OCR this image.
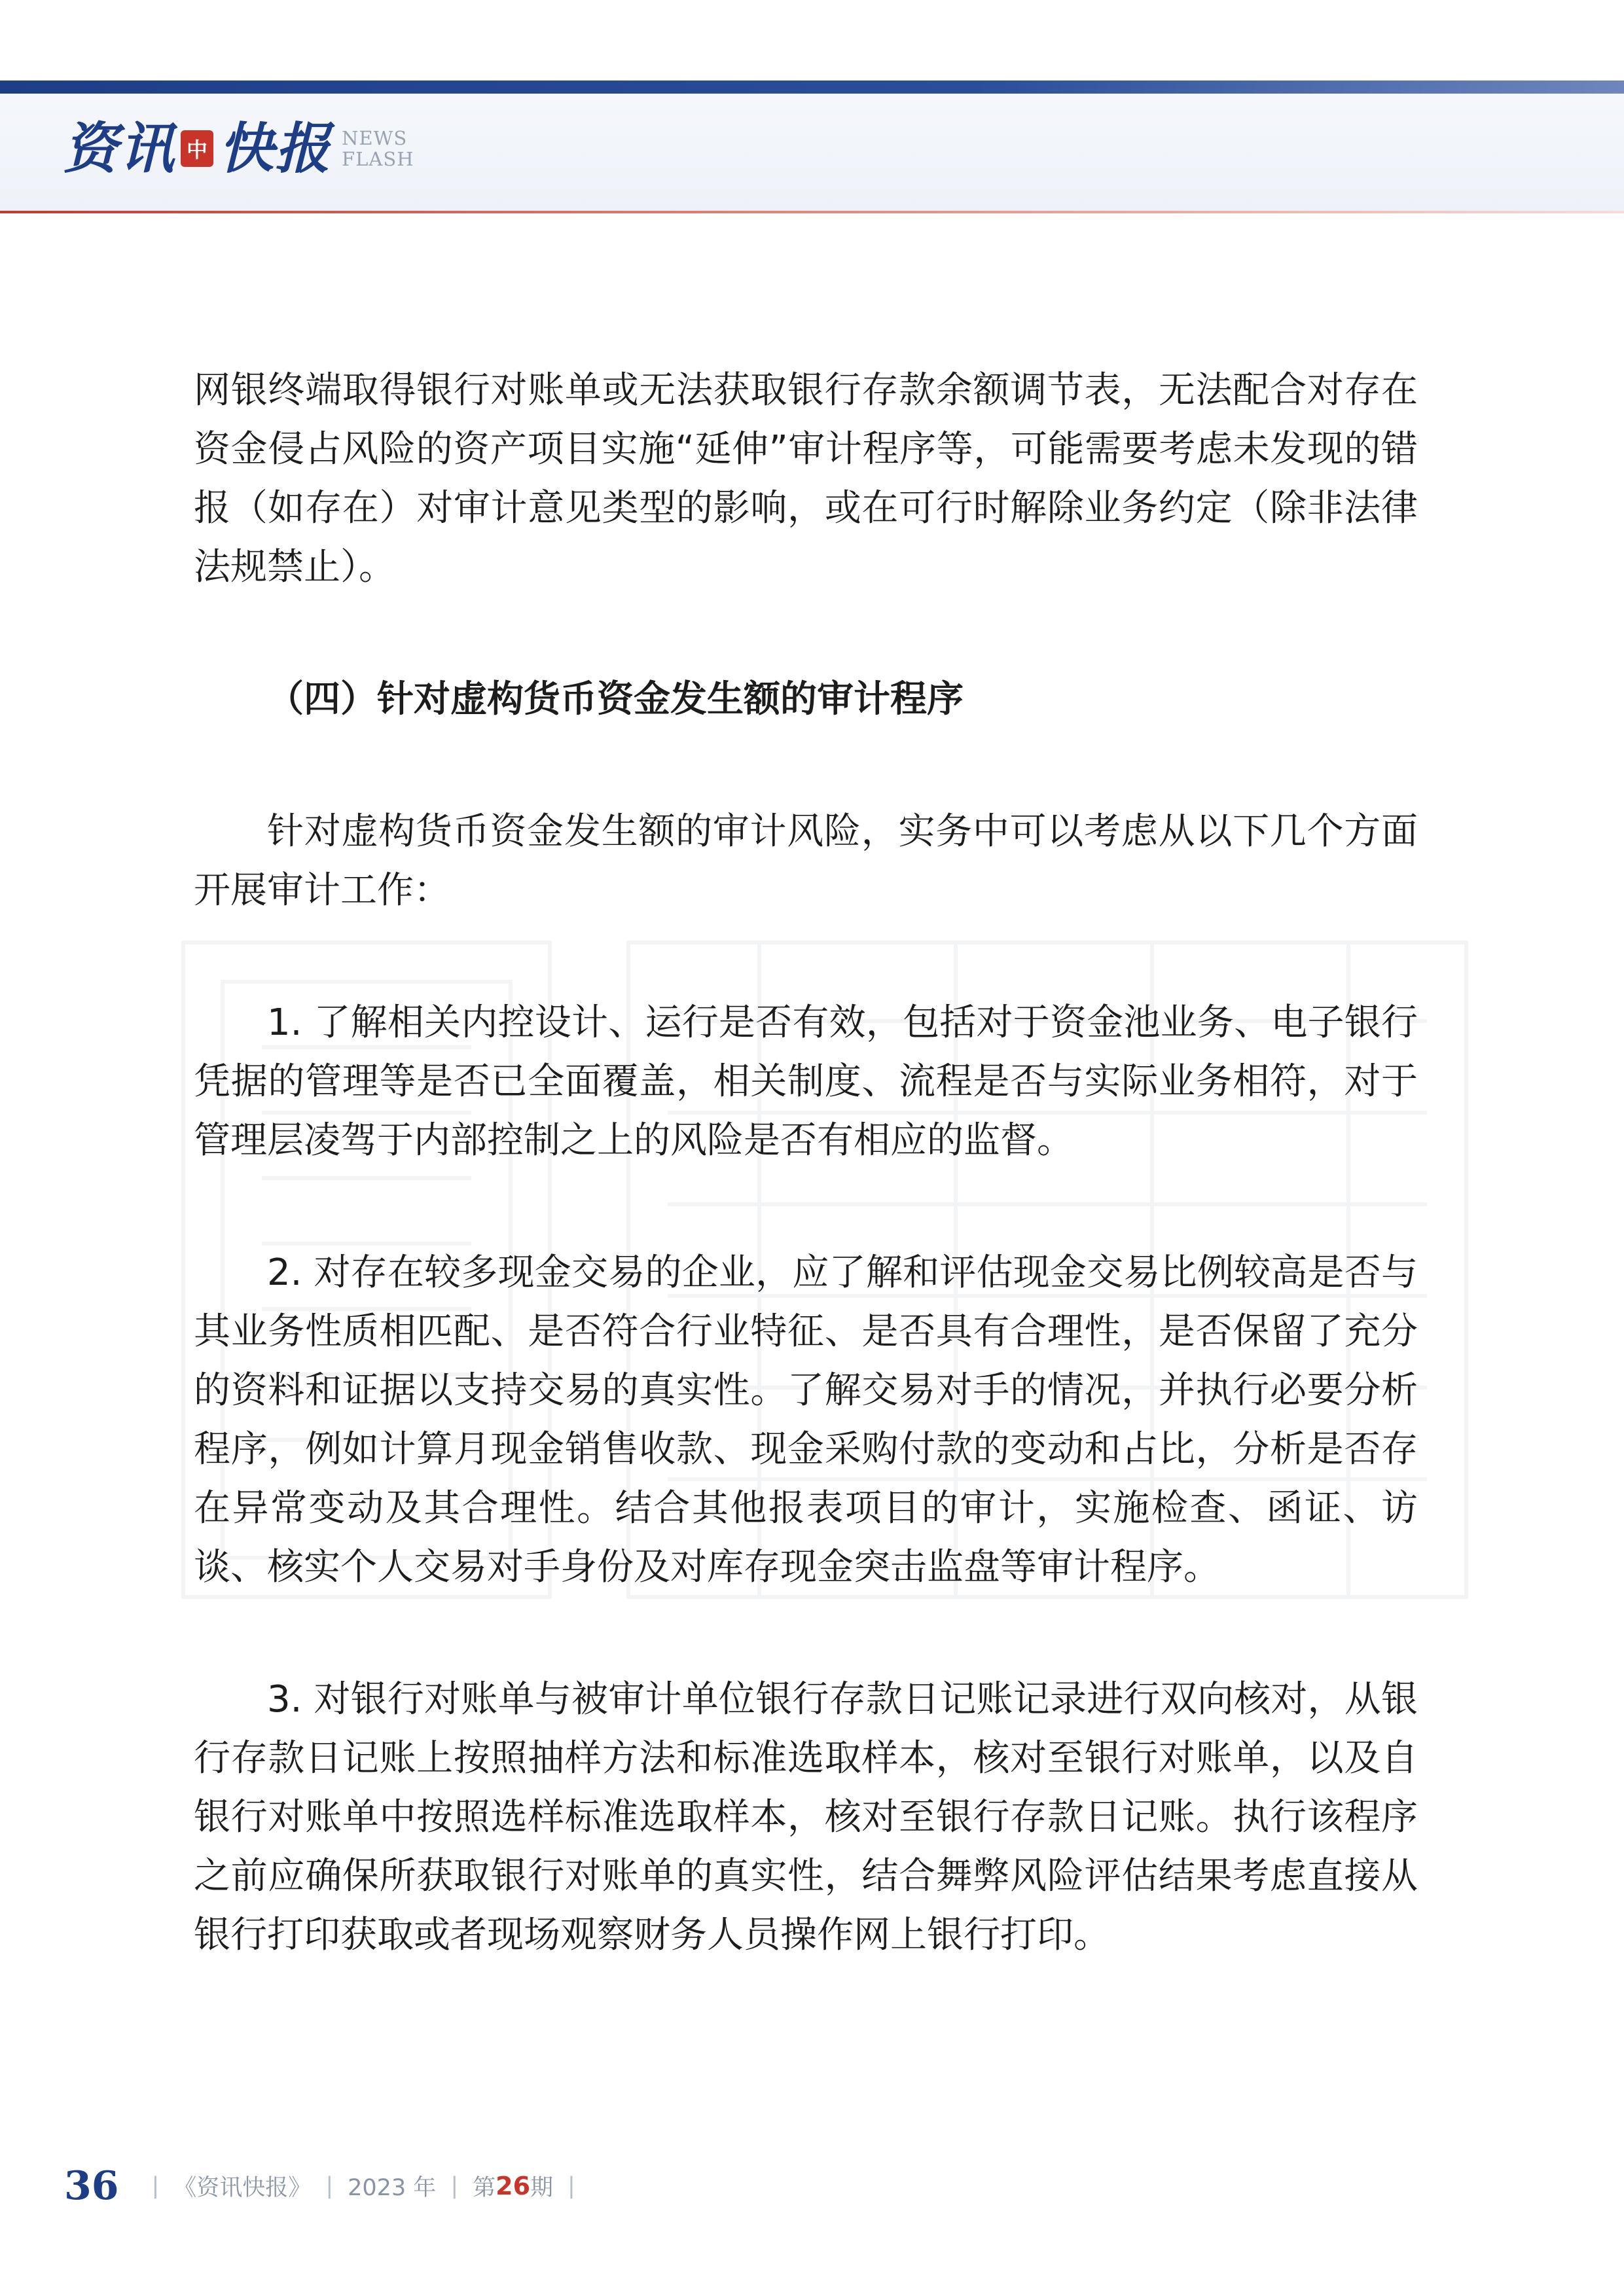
资讯 中 快报 NEWS
FLASH

网银终端取得银行对账单或无法获取银行存款余额调节表，无法配合对存在资金侵占风险的资产项目实施“延伸”审计程序等，可能需要考虑未发现的错报（如存在）对审计意见类型的影响，或在可行时解除业务约定（除非法律法规禁止）。

（四）针对虚构货币资金发生额的审计程序

针对虚构货币资金发生额的审计风险，实务中可以考虑从以下几个方面开展审计工作：

1. 了解相关内控设计、运行是否有效，包括对于资金池业务、电子银行凭据的管理等是否已全面覆盖，相关制度、流程是否与实际业务相符，对于管理层凌驾于内部控制之上的风险是否有相应的监督。

2. 对存在较多现金交易的企业，应了解和评估现金交易比例较高是否与其业务性质相匹配、是否符合行业特征、是否具有合理性，是否保留了充分的资料和证据以支持交易的真实性。了解交易对手的情况，并执行必要分析程序，例如计算月现金销售收款、现金采购付款的变动和占比，分析是否存在异常变动及其合理性。结合其他报表项目的审计，实施检查、函证、访谈、核实个人交易对手身份及对库存现金突击监盘等审计程序。

3. 对银行对账单与被审计单位银行存款日记账记录进行双向核对，从银行存款日记账上按照抽样方法和标准选取样本，核对至银行对账单，以及自银行对账单中按照选样标准选取样本，核对至银行存款日记账。执行该程序之前应确保所获取银行对账单的真实性，结合舞弊风险评估结果考虑直接从银行打印获取或者现场观察财务人员操作网上银行打印。

36 | 《资讯快报》 | 2023 年 | 第 26 期 |
